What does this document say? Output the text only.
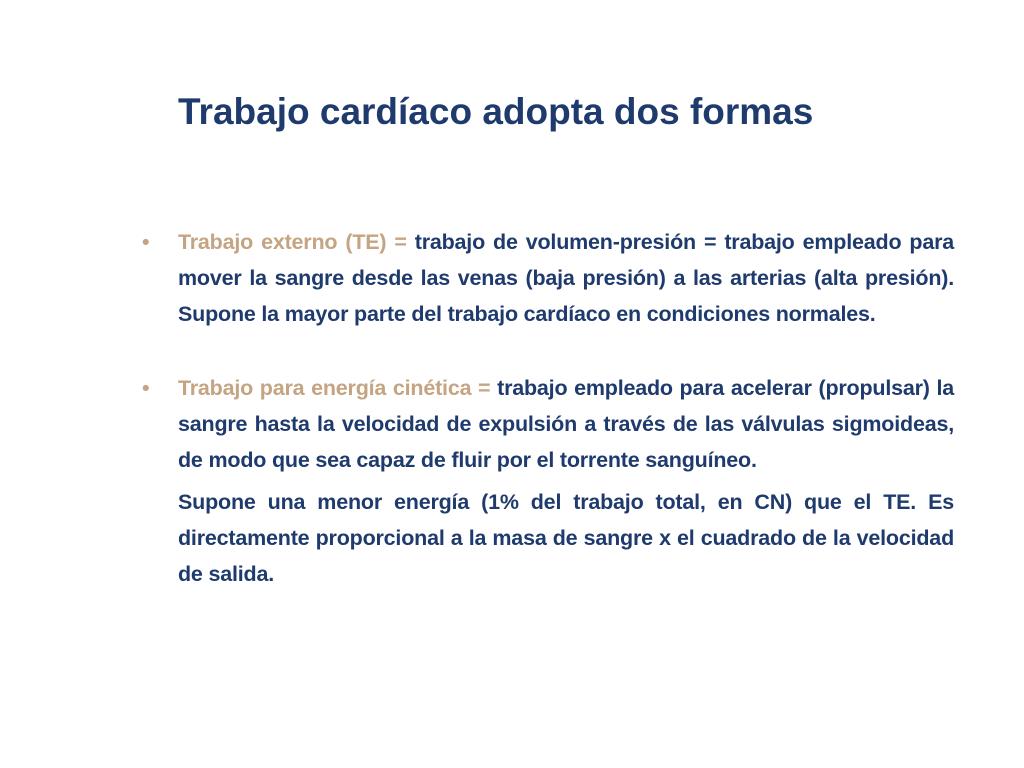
Trabajo cardíaco adopta dos formas
• Trabajo externo (TE) = trabajo de volumen-presión = trabajo empleado para mover la sangre desde las venas (baja presión) a las arterias (alta presión). Supone la mayor parte del trabajo cardíaco en condiciones normales.
• Trabajo para energía cinética = trabajo empleado para acelerar (propulsar) la sangre hasta la velocidad de expulsión a través de las válvulas sigmoideas, de modo que sea capaz de fluir por el torrente sanguíneo.
Supone una menor energía (1% del trabajo total, en CN) que el TE. Es directamente proporcional a la masa de sangre x el cuadrado de la velocidad de salida.
